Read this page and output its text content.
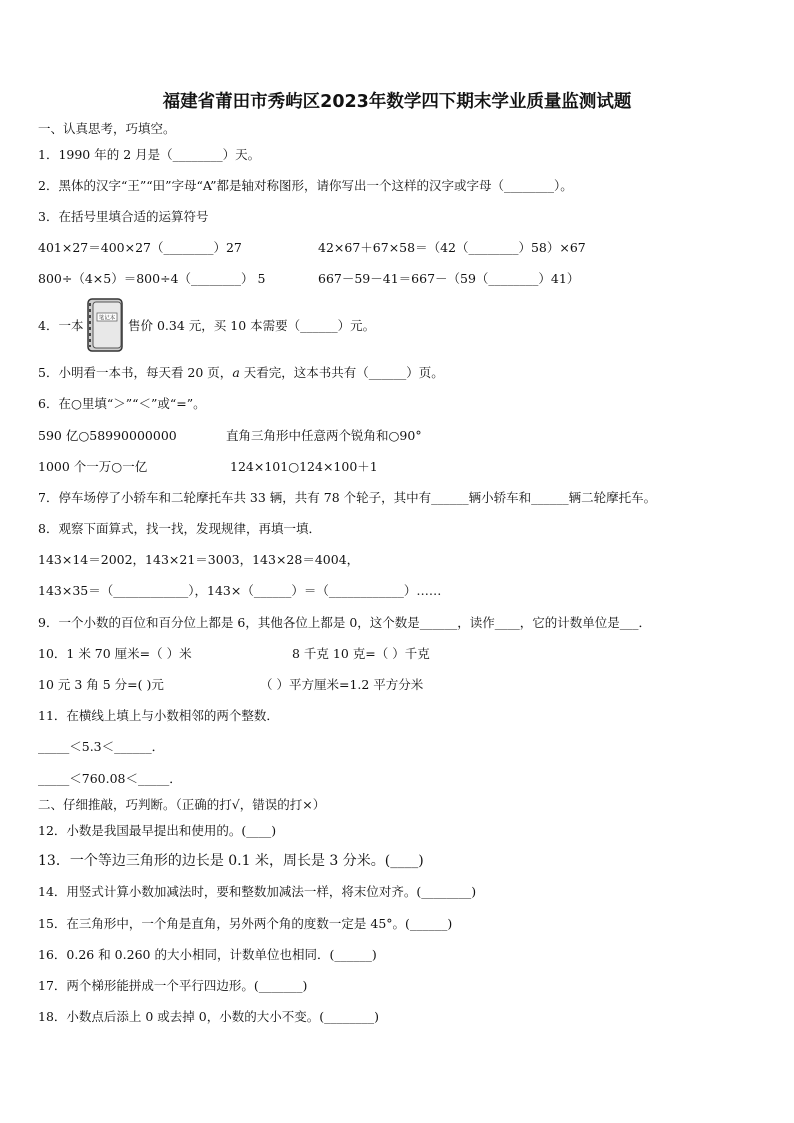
福建省莆田市秀屿区2023年数学四下期末学业质量监测试题
一、认真思考，巧填空。
1．1990 年的 2 月是（________）天。
2．黑体的汉字“王”“田”字母“A”都是轴对称图形，请你写出一个这样的汉字或字母（________）。
3．在括号里填合适的运算符号
401×27＝400×27（________）27	42×67＋67×58＝（42（________）58）×67
800÷（4×5）＝800÷4（________） 5	667－59－41＝667－（59（________）41）
4．一本	笔记本 售价 0.34 元，买 10 本需要（______）元。
5．小明看一本书，每天看 20 页，a 天看完，这本书共有（______）页。
6．在○里填“＞”“＜”或“=”。
590 亿○58990000000	直角三角形中任意两个锐角和○90°
1000 个一万○一亿	124×101○124×100＋1
7．停车场停了小轿车和二轮摩托车共 33 辆，共有 78 个轮子，其中有______辆小轿车和______辆二轮摩托车。
8．观察下面算式，找一找，发现规律，再填一填．
143×14＝2002，143×21＝3003，143×28＝4004，
143×35＝（____________），143×（______）＝（____________）……
9．一个小数的百位和百分位上都是 6，其他各位上都是 0，这个数是______，读作____，它的计数单位是___．
10．1 米 70 厘米=（ ）米	8 千克 10 克=（ ）千克
10 元 3 角 5 分=( )元	（ ）平方厘米=1.2 平方分米
11．在横线上填上与小数相邻的两个整数．
_____＜5.3＜______．
_____＜760.08＜_____．
二、仔细推敲，巧判断。（正确的打√，错误的打×）
12．小数是我国最早提出和使用的。(____)
13．一个等边三角形的边长是 0.1 米，周长是 3 分米。(____)
14．用竖式计算小数加减法时，要和整数加减法一样，将末位对齐。(________)
15．在三角形中，一个角是直角，另外两个角的度数一定是 45°。(______)
16．0.26 和 0.260 的大小相同，计数单位也相同．(______)
17．两个梯形能拼成一个平行四边形。(_______)
18．小数点后添上 0 或去掉 0，小数的大小不变。(________)
